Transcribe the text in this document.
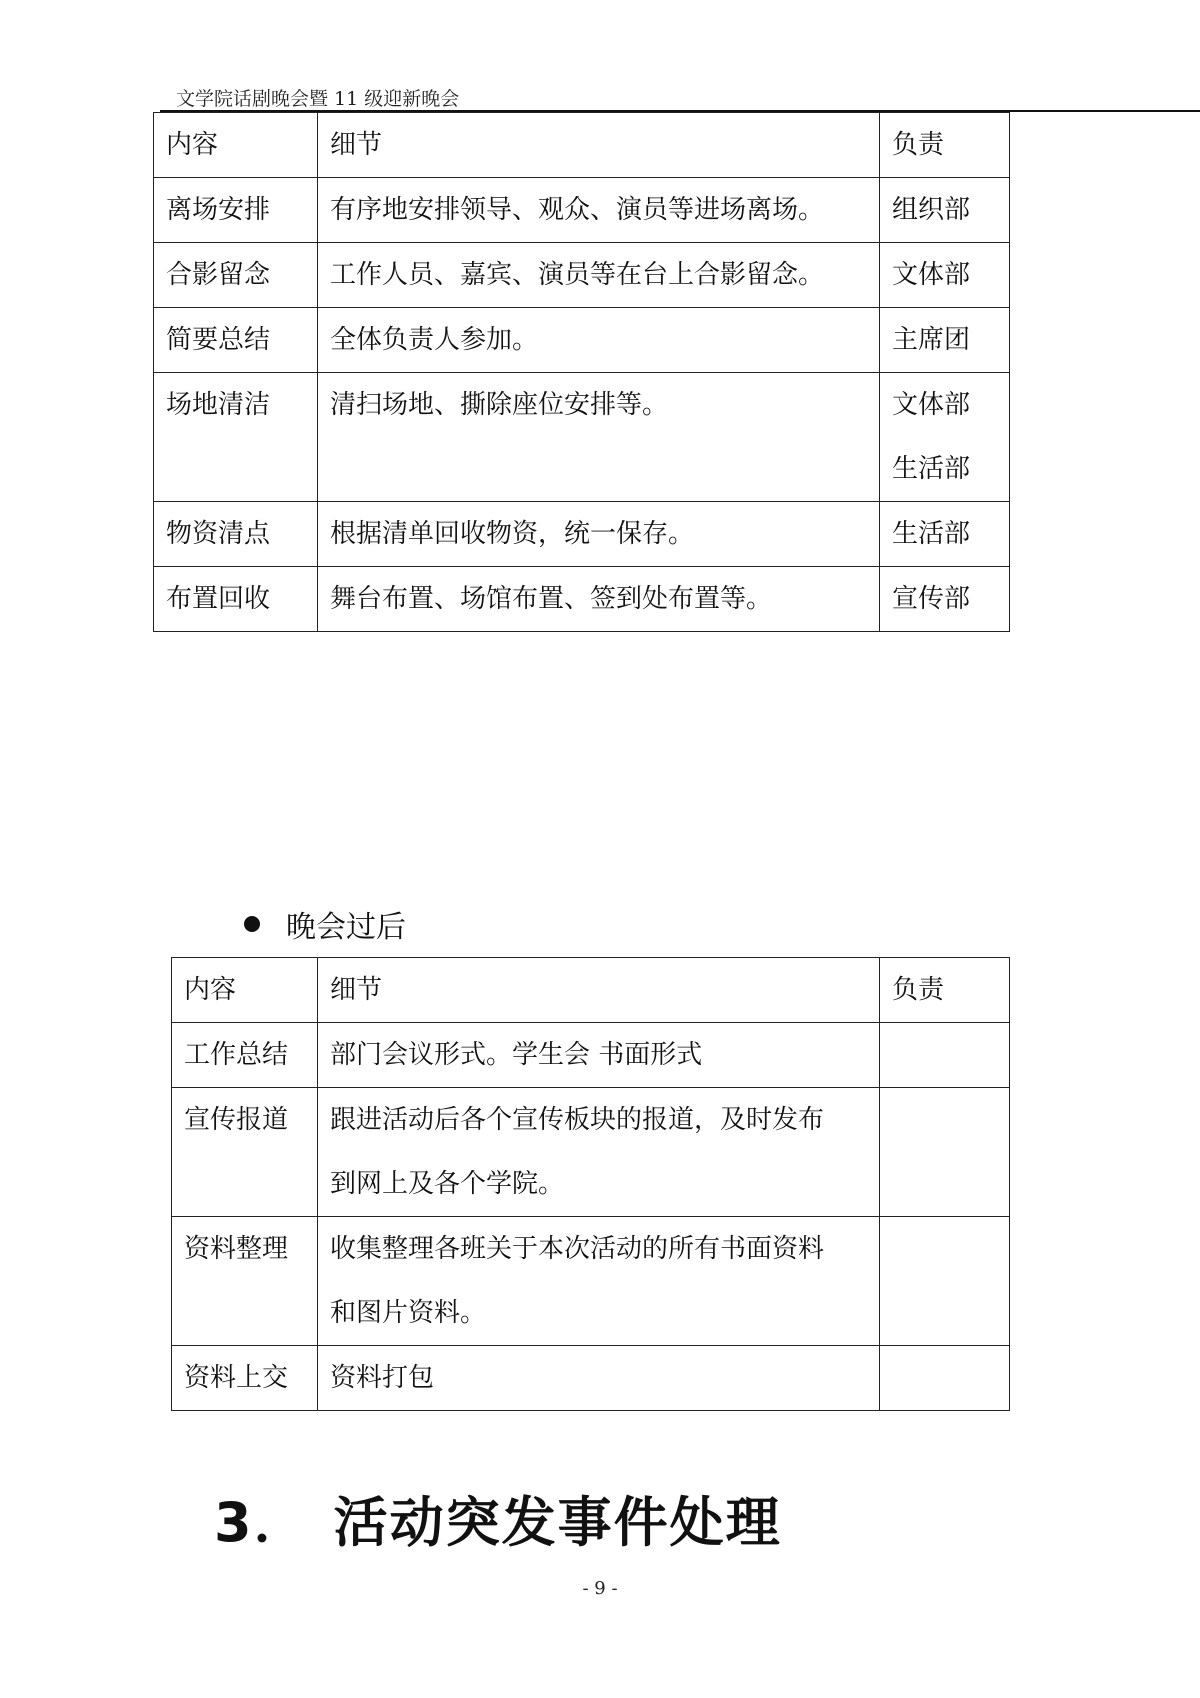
文学院话剧晚会暨 11 级迎新晚会
内容	细节	负责
离场安排	有序地安排领导、观众、演员等进场离场。	组织部

合影留念	工作人员、嘉宾、演员等在台上合影留念。	文体部

简要总结	全体负责人参加。	主席团

场地清洁	清扫场地、撕除座位安排等。	文体部
生活部

物资清点	根据清单回收物资，统一保存。	生活部

布置回收	舞台布置、场馆布置、签到处布置等。	宣传部
晚会过后
内容	细节	负责
工作总结	部门会议形式。学生会 书面形式	

宣传报道	跟进活动后各个宣传板块的报道，及时发布
到网上及各个学院。	

资料整理	收集整理各班关于本次活动的所有书面资料
和图片资料。	

资料上交	资料打包	

3． 活动突发事件处理
- 9 -
